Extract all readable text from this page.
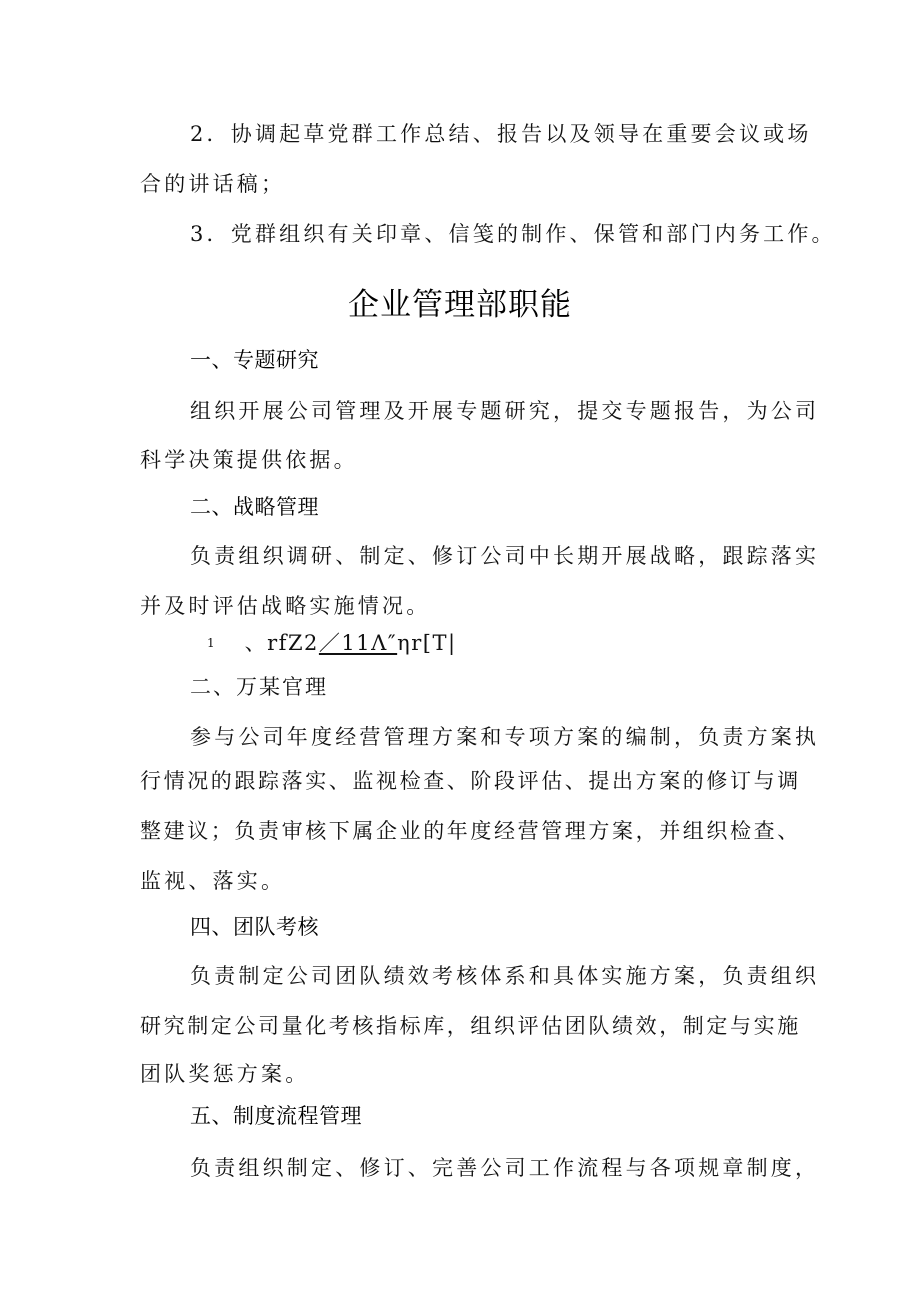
2．协调起草党群工作总结、报告以及领导在重要会议或场
合的讲话稿；
3．党群组织有关印章、信笺的制作、保管和部门内务工作。
企业管理部职能
一、专题研究
组织开展公司管理及开展专题研究，提交专题报告，为公司
科学决策提供依据。
二、战略管理
负责组织调研、制定、修订公司中长期开展战略，跟踪落实
并及时评估战略实施情况。
$^1$ 、rfZ2／11Λ″ηr[T|
二、万某官理
参与公司年度经营管理方案和专项方案的编制，负责方案执
行情况的跟踪落实、监视检查、阶段评估、提出方案的修订与调
整建议；负责审核下属企业的年度经营管理方案，并组织检查、
监视、落实。
四、团队考核
负责制定公司团队绩效考核体系和具体实施方案，负责组织
研究制定公司量化考核指标库，组织评估团队绩效，制定与实施
团队奖惩方案。
五、制度流程管理
负责组织制定、修订、完善公司工作流程与各项规章制度，
